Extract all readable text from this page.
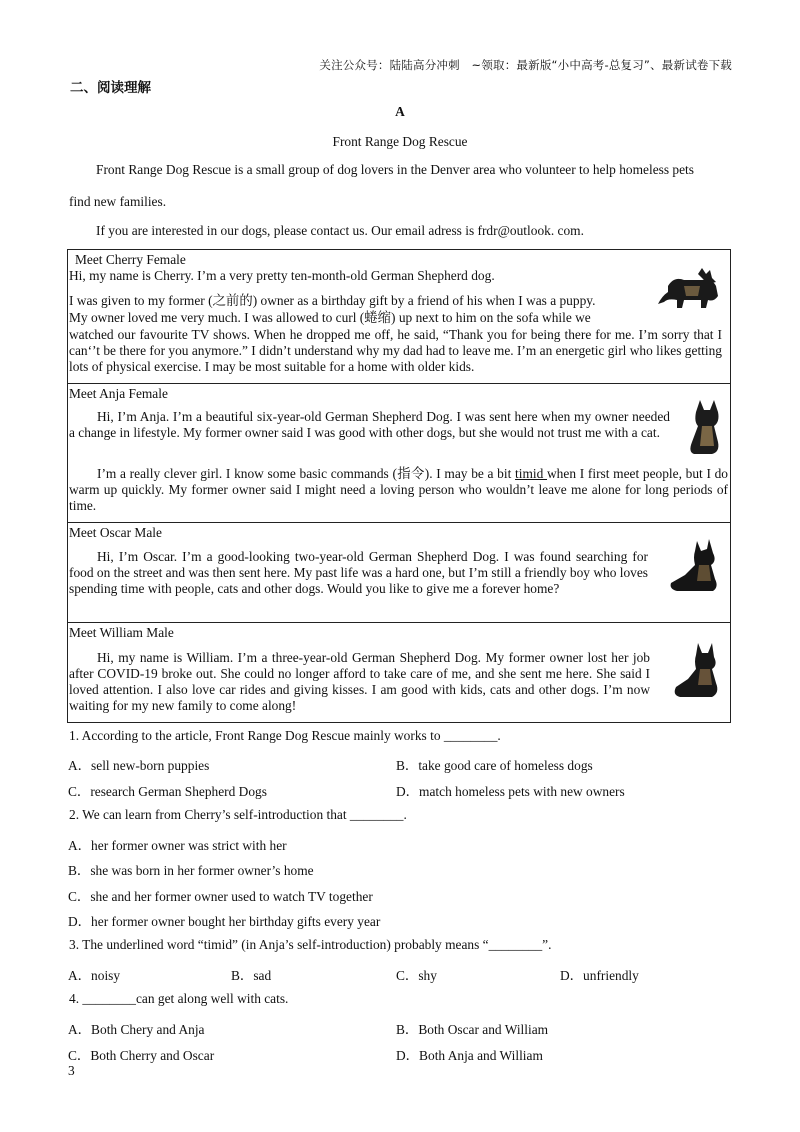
关注公众号：陆陆高分冲刺　~领取：最新版“小中高考-总复习”、最新试卷下载
二、阅读理解
A
Front Range Dog Rescue
Front Range Dog Rescue is a small group of dog lovers in the Denver area who volunteer to help homeless pets
find new families.
If you are interested in our dogs, please contact us. Our email adress is frdr@outlook. com.
Meet Cherry Female

Hi, my name is Cherry. I’m a very pretty ten-month-old German Shepherd dog.

I was given to my former (之前的) owner as a birthday gift by a friend of his when I was a puppy.

My owner loved me very much. I was allowed to curl (蜷缩) up next to him on the sofa while we

watched our favourite TV shows. When he dropped me off, he said, “Thank you for being there for me. I’m sorry that I can‘’t be there for you anymore.” I didn’t understand why my dad had to leave me. I’m an energetic girl who likes getting lots of physical exercise. I may be most suitable for a home with older kids.

Meet Anja Female

Hi, I’m Anja. I’m a beautiful six-year-old German Shepherd Dog. I was sent here when my owner needed a change in lifestyle. My former owner said I was good with other dogs, but she would not trust me with a cat.

I’m a really clever girl. I know some basic commands (指令). I may be a bit timid when I first meet people, but I do warm up quickly. My former owner said I might need a loving person who wouldn’t leave me alone for long periods of time.

Meet Oscar Male

Hi, I’m Oscar. I’m a good-looking two-year-old German Shepherd Dog. I was found searching for food on the street and was then sent here. My past life was a hard one, but I’m still a friendly boy who loves spending time with people, cats and other dogs. Would you like to give me a forever home?

Meet William Male

Hi, my name is William. I’m a three-year-old German Shepherd Dog. My former owner lost her job after COVID-19 broke out. She could no longer afford to take care of me, and she sent me here. She said I loved attention. I also love car rides and giving kisses. I am good with kids, cats and other dogs. I’m now waiting for my new family to come along!

1. According to the article, Front Range Dog Rescue mainly works to ________.
A．sell new-born puppies	B．take good care of homeless dogs
C．research German Shepherd Dogs	D．match homeless pets with new owners
2. We can learn from Cherry’s self-introduction that ________.
A．her former owner was strict with her
B．she was born in her former owner’s home
C．she and her former owner used to watch TV together
D．her former owner bought her birthday gifts every year
3. The underlined word “timid” (in Anja’s self-introduction) probably means “________”.
A．noisy	B．sad	C．shy	D．unfriendly
4. ________can get along well with cats.
A．Both Chery and Anja	B．Both Oscar and William
C．Both Cherry and Oscar	D．Both Anja and William
3
